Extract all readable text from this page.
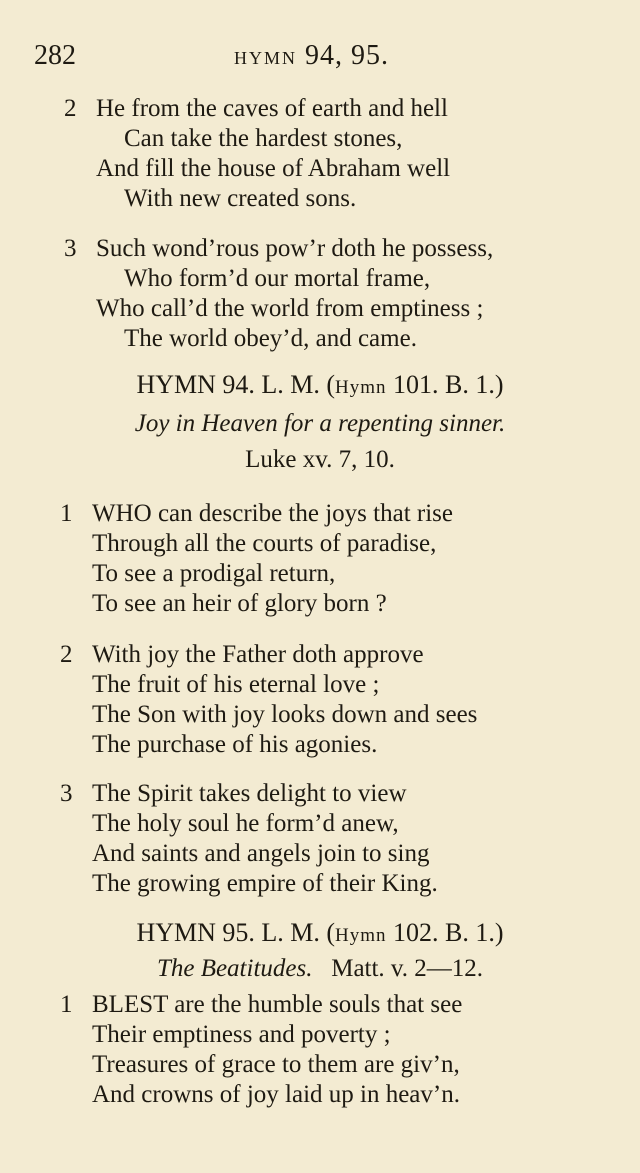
282	HYMN 94, 95.
2 He from the caves of earth and hell
Can take the hardest stones,
And fill the house of Abraham well
With new created sons.
3 Such wond’rous pow’r doth he possess,
Who form’d our mortal frame,
Who call’d the world from emptiness ;
The world obey’d, and came.
HYMN 94. L. M. (Hymn 101. B. 1.)
Joy in Heaven for a repenting sinner.
Luke xv. 7, 10.
1 WHO can describe the joys that rise
Through all the courts of paradise,
To see a prodigal return,
To see an heir of glory born ?
2 With joy the Father doth approve
The fruit of his eternal love ;
The Son with joy looks down and sees
The purchase of his agonies.
3 The Spirit takes delight to view
The holy soul he form’d anew,
And saints and angels join to sing
The growing empire of their King.
HYMN 95. L. M. (Hymn 102. B. 1.)
The Beatitudes. Matt. v. 2—12.
1 BLEST are the humble souls that see
Their emptiness and poverty ;
Treasures of grace to them are giv’n,
And crowns of joy laid up in heav’n.
